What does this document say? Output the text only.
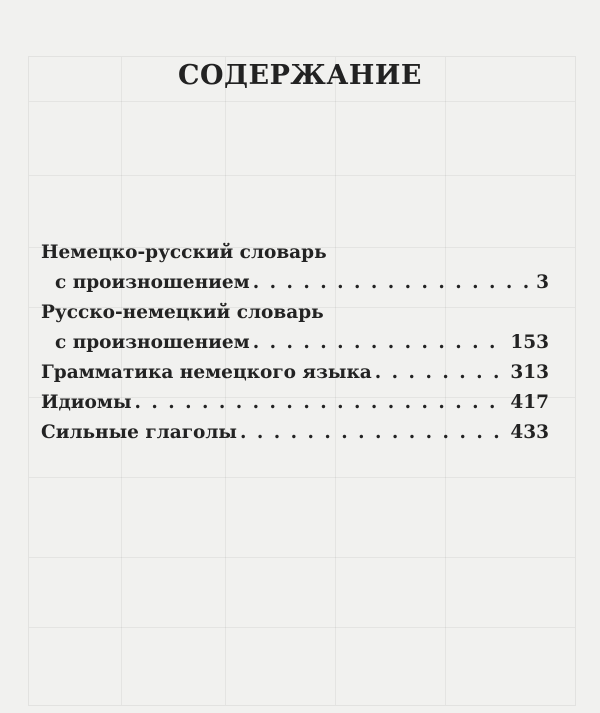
СОДЕРЖАНИЕ
Немецко-русский словарь
с произношением . . .	3
Русско-немецкий словарь
с произношением . . .	153
Грамматика немецкого языка . . .	313
Идиомы . . .	417
Сильные глаголы . . .	433
